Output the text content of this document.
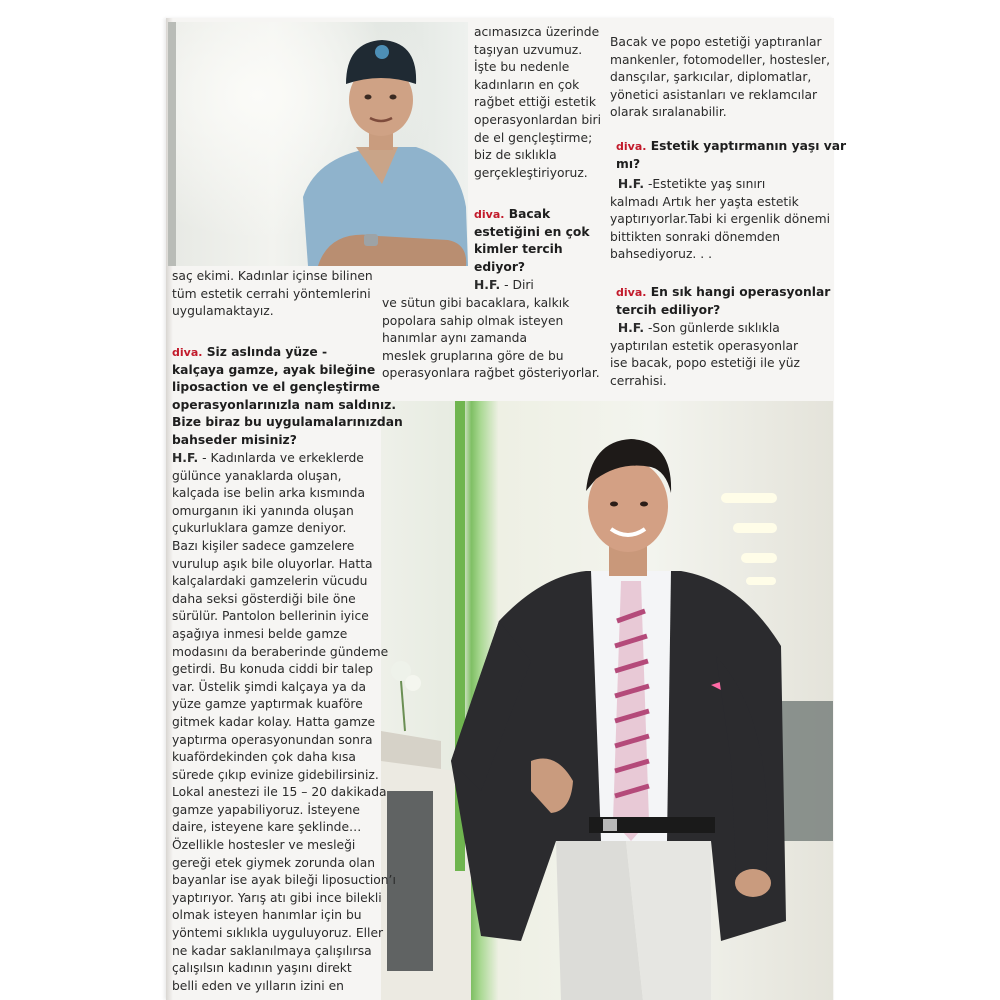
saç ekimi. Kadınlar içinse bilinen
tüm estetik cerrahi yöntemlerini
uygulamaktayız.
diva. Siz aslında yüze -
kalçaya gamze, ayak bileğine
liposaction ve el gençleştirme
operasyonlarınızla nam saldınız.
Bize biraz bu uygulamalarınızdan
bahseder misiniz?
H.F. - Kadınlarda ve erkeklerde
gülünce yanaklarda oluşan,
kalçada ise belin arka kısmında
omurganın iki yanında oluşan
çukurluklara gamze deniyor.
Bazı kişiler sadece gamzelere
vurulup aşık bile oluyorlar. Hatta
kalçalardaki gamzelerin vücudu
daha seksi gösterdiği bile öne
sürülür. Pantolon bellerinin iyice
aşağıya inmesi belde gamze
modasını da beraberinde gündeme
getirdi. Bu konuda ciddi bir talep
var. Üstelik şimdi kalçaya ya da
yüze gamze yaptırmak kuaföre
gitmek kadar kolay. Hatta gamze
yaptırma operasyonundan sonra
kuafördekinden çok daha kısa
sürede çıkıp evinize gidebilirsiniz.
Lokal anestezi ile 15 – 20 dakikada
gamze yapabiliyoruz. İsteyene
daire, isteyene kare şeklinde…
Özellikle hostesler ve mesleği
gereği etek giymek zorunda olan
bayanlar ise ayak bileği liposuction’ı
yaptırıyor. Yarış atı gibi ince bilekli
olmak isteyen hanımlar için bu
yöntemi sıklıkla uyguluyoruz. Eller
ne kadar saklanılmaya çalışılırsa
çalışılsın kadının yaşını direkt
belli eden ve yılların izini en
acımasızca üzerinde
taşıyan uzvumuz.
İşte bu nedenle
kadınların en çok
rağbet ettiği estetik
operasyonlardan biri
de el gençleştirme;
biz de sıklıkla
gerçekleştiriyoruz.
diva. Bacak
estetiğini en çok
kimler tercih
ediyor?
H.F. - Diri
ve sütun gibi bacaklara, kalkık
popolara sahip olmak isteyen
hanımlar aynı zamanda
meslek gruplarına göre de bu
operasyonlara rağbet gösteriyorlar.
Bacak ve popo estetiği yaptıranlar
mankenler, fotomodeller, hostesler,
dansçılar, şarkıcılar, diplomatlar,
yönetici asistanları ve reklamcılar
olarak sıralanabilir.
diva. Estetik yaptırmanın yaşı var
mı?
H.F. -Estetikte yaş sınırı
kalmadı Artık her yaşta estetik
yaptırıyorlar.Tabi ki ergenlik dönemi
bittikten sonraki dönemden
bahsediyoruz. . .
diva. En sık hangi operasyonlar
tercih ediliyor?
H.F. -Son günlerde sıklıkla
yaptırılan estetik operasyonlar
ise bacak, popo estetiği ile yüz
cerrahisi.
